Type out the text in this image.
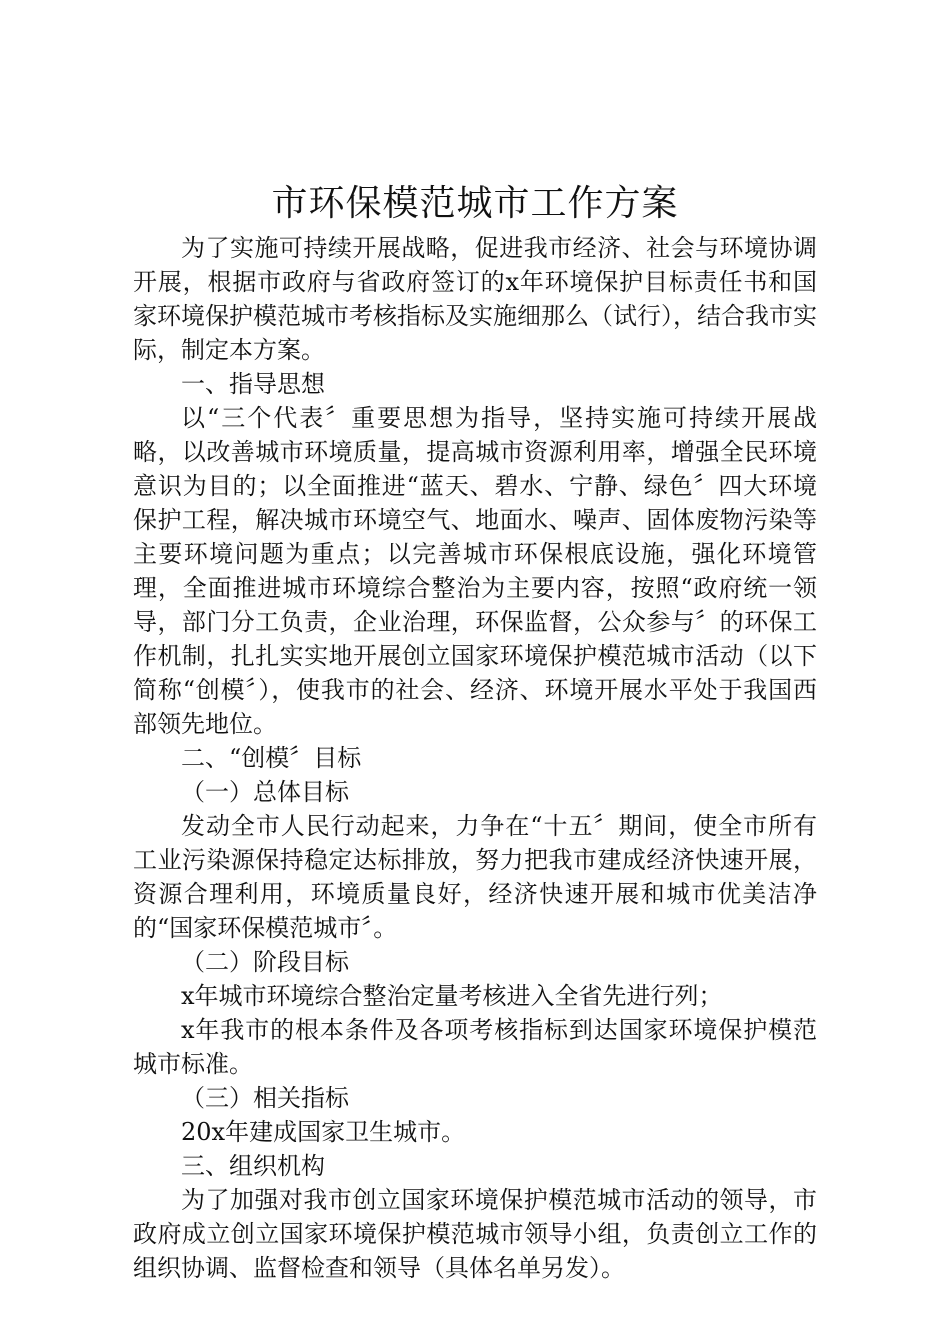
市环保模范城市工作方案

为了实施可持续开展战略，促进我市经济、社会与环境协调开展，根据市政府与省政府签订的x年环境保护目标责任书和国家环境保护模范城市考核指标及实施细那么（试行），结合我市实际，制定本方案。

一、指导思想

以“三个代表〞重要思想为指导，坚持实施可持续开展战略，以改善城市环境质量，提高城市资源利用率，增强全民环境意识为目的；以全面推进“蓝天、碧水、宁静、绿色〞四大环境保护工程，解决城市环境空气、地面水、噪声、固体废物污染等主要环境问题为重点；以完善城市环保根底设施，强化环境管理，全面推进城市环境综合整治为主要内容，按照“政府统一领导，部门分工负责，企业治理，环保监督，公众参与〞的环保工作机制，扎扎实实地开展创立国家环境保护模范城市活动（以下简称“创模〞），使我市的社会、经济、环境开展水平处于我国西部领先地位。

二、“创模〞目标

（一）总体目标

发动全市人民行动起来，力争在“十五〞期间，使全市所有工业污染源保持稳定达标排放，努力把我市建成经济快速开展，资源合理利用，环境质量良好，经济快速开展和城市优美洁净的“国家环保模范城市〞。

（二）阶段目标

x年城市环境综合整治定量考核进入全省先进行列；

x年我市的根本条件及各项考核指标到达国家环境保护模范城市标准。

（三）相关指标

20x年建成国家卫生城市。

三、组织机构

为了加强对我市创立国家环境保护模范城市活动的领导，市政府成立创立国家环境保护模范城市领导小组，负责创立工作的组织协调、监督检查和领导（具体名单另发）。
